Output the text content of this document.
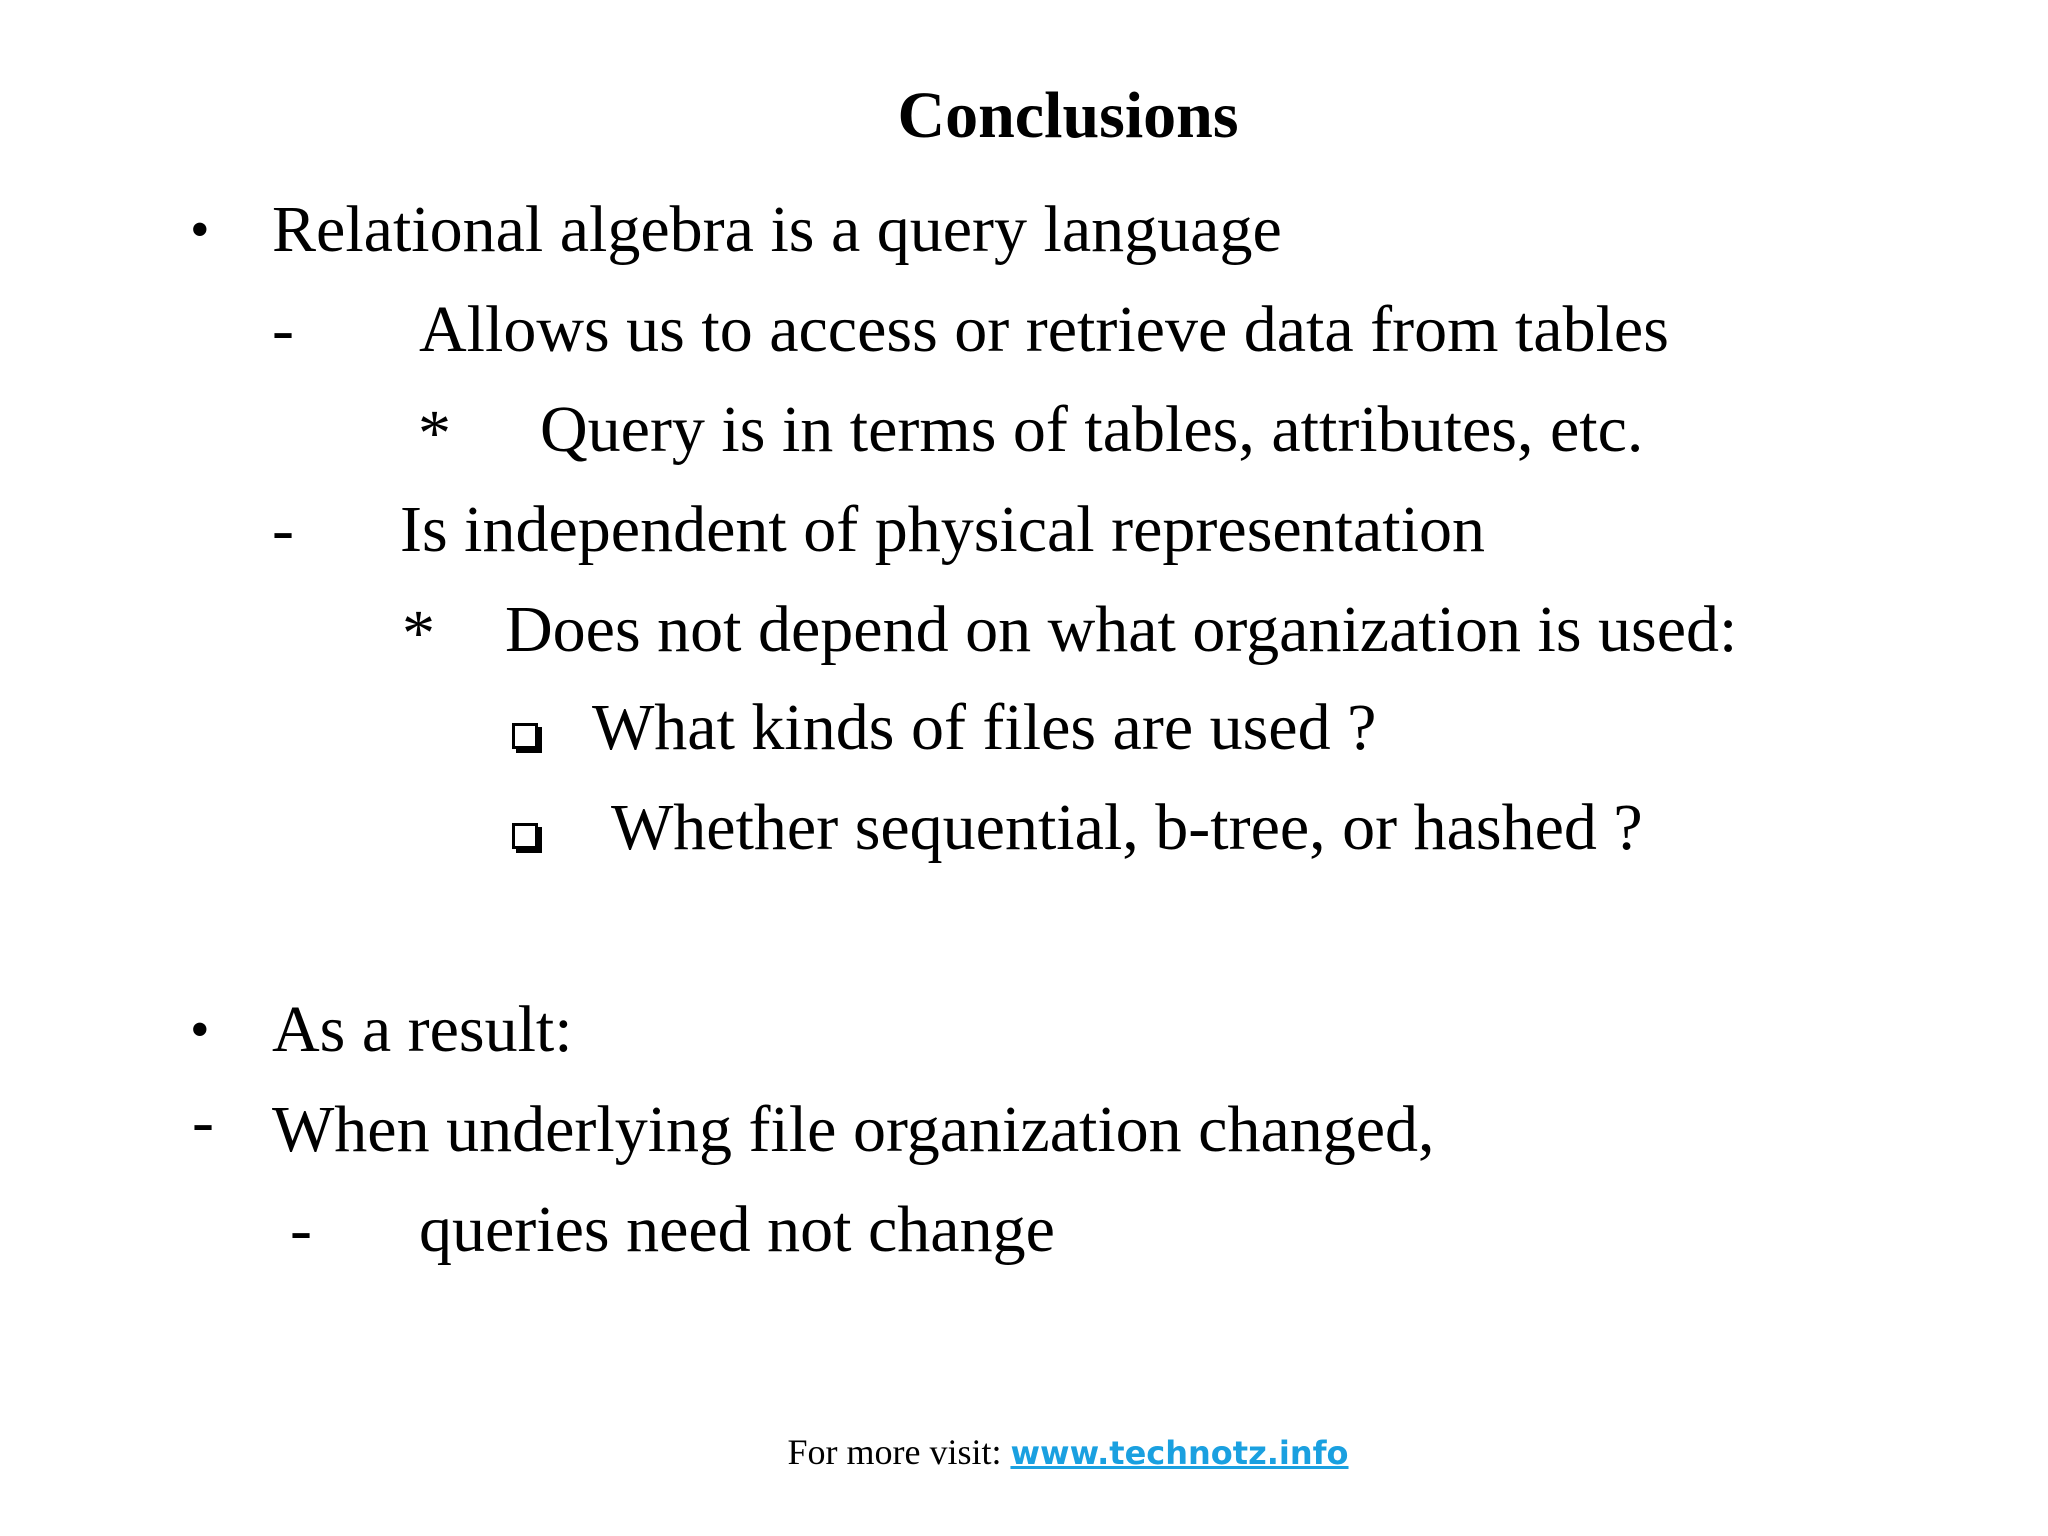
Conclusions
• Relational algebra is a query language
- Allows us to access or retrieve data from tables
* Query is in terms of tables, attributes, etc.
- Is independent of physical representation
* Does not depend on what organization is used:
What kinds of files are used ?
Whether sequential, b-tree, or hashed ?
• As a result:
- When underlying file organization changed,
- queries need not change
For more visit: www.technotz.info
